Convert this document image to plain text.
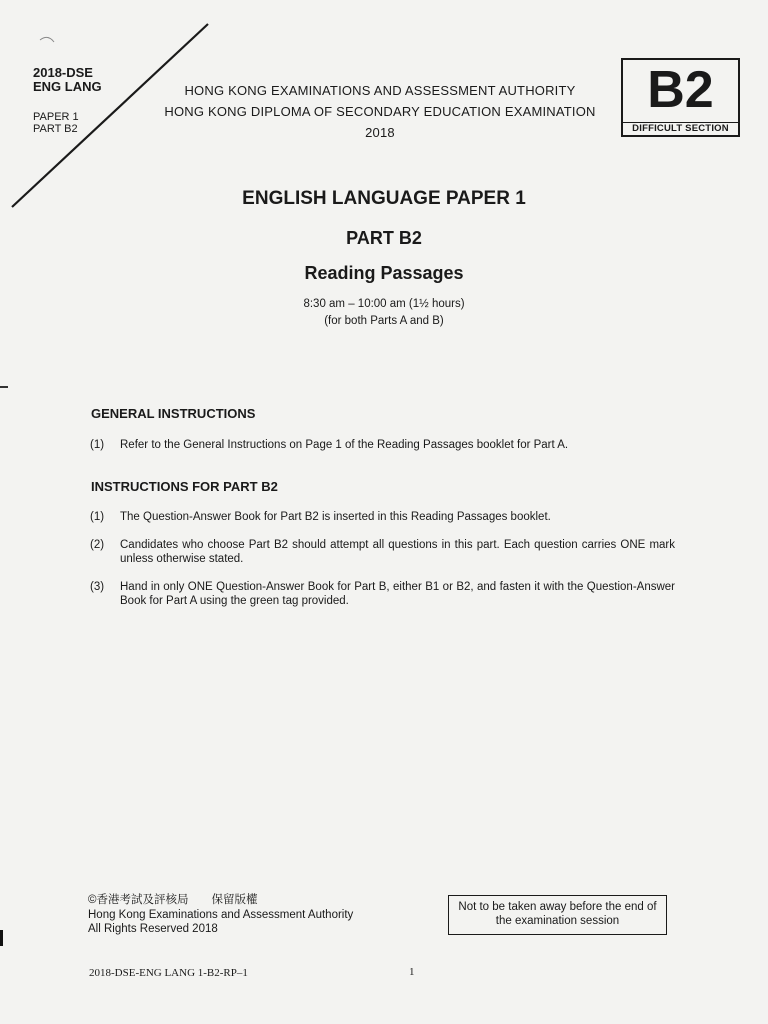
2018-DSE
ENG LANG
PAPER 1
PART B2
HONG KONG EXAMINATIONS AND ASSESSMENT AUTHORITY
HONG KONG DIPLOMA OF SECONDARY EDUCATION EXAMINATION 2018
B2
DIFFICULT SECTION
ENGLISH LANGUAGE PAPER 1
PART B2
Reading Passages
8:30 am – 10:00 am (1½ hours)
(for both Parts A and B)
GENERAL INSTRUCTIONS
(1)	Refer to the General Instructions on Page 1 of the Reading Passages booklet for Part A.
INSTRUCTIONS FOR PART B2
(1)	The Question-Answer Book for Part B2 is inserted in this Reading Passages booklet.
(2)	Candidates who choose Part B2 should attempt all questions in this part. Each question carries ONE mark unless otherwise stated.
(3)	Hand in only ONE Question-Answer Book for Part B, either B1 or B2, and fasten it with the Question-Answer Book for Part A using the green tag provided.
©香港考試及評核局　　保留版權
Hong Kong Examinations and Assessment Authority
All Rights Reserved 2018
Not to be taken away before the end of the examination session
2018-DSE-ENG LANG 1-B2-RP–1	1
